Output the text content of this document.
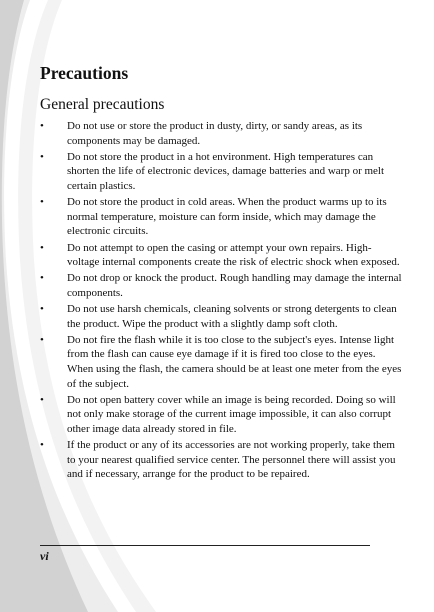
Precautions
General precautions
• Do not use or store the product in dusty, dirty, or sandy areas, as its components may be damaged.
• Do not store the product in a hot environment. High temperatures can shorten the life of electronic devices, damage batteries and warp or melt certain plastics.
• Do not store the product in cold areas. When the product warms up to its normal temperature, moisture can form inside, which may damage the electronic circuits.
• Do not attempt to open the casing or attempt your own repairs. High-voltage internal components create the risk of electric shock when exposed.
• Do not drop or knock the product. Rough handling may damage the internal components.
• Do not use harsh chemicals, cleaning solvents or strong detergents to clean the product. Wipe the product with a slightly damp soft cloth.
• Do not fire the flash while it is too close to the subject's eyes. Intense light from the flash can cause eye damage if it is fired too close to the eyes. When using the flash, the camera should be at least one meter from the eyes of the subject.
• Do not open battery cover while an image is being recorded. Doing so will not only make storage of the current image impossible, it can also corrupt other image data already stored in file.
• If the product or any of its accessories are not working properly, take them to your nearest qualified service center. The personnel there will assist you and if necessary, arrange for the product to be repaired.
vi
